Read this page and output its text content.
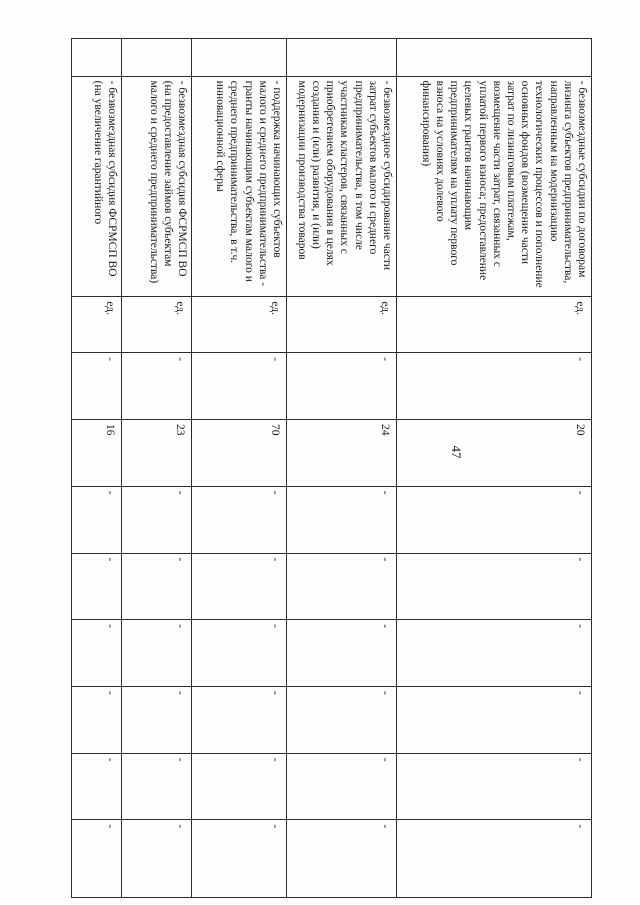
47
	- безвозмездные субсидии по договорам лизинга субъектов предпринимательства, направленным на модернизацию технологических процессов и пополнение основных фондов (возмещение части затрат по лизинговым платежам, возмещение части затрат, связанных с уплатой первого взноса; предоставление целевых грантов начинающим предпринимателям на уплату первого взноса на условиях долевого финансирования)	ед.	-	20	-	-	-	-	-	-
	- безвозмездное субсидирование части затрат субъектов малого и среднего предпринимательства, в том числе участникам кластеров, связанных с приобретением оборудования в целях создания и (или) развития, и (или) модернизации производства товаров	ед.	-	24	-	-	-	-	-	-
	- поддержка начинающих субъектов малого и среднего предпринимательства - гранты начинающим субъектам малого и среднего предпринимательства, в т.ч. инновационной сферы	ед.	-	70	-	-	-	-	-	-
	- безвозмездная субсидия ФСРМСП ВО (на предоставление займов субъектам малого и среднего предпринимательства)	ед.	-	23	-	-	-	-	-	-
	- безвозмездная субсидия ФСРМСП ВО (на увеличение гарантийного	ед.	-	16	-	-	-	-	-	-
